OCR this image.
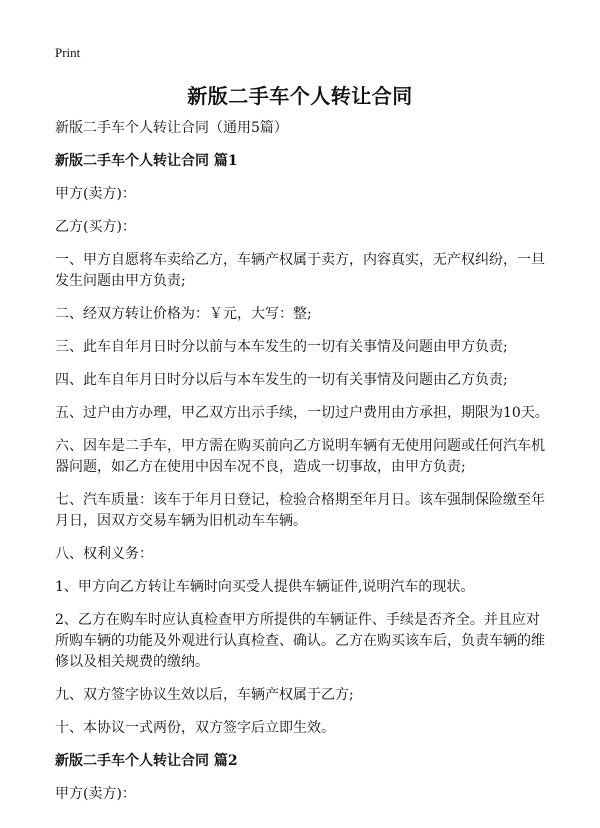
Print
新版二手车个人转让合同
新版二手车个人转让合同（通用5篇）
新版二手车个人转让合同 篇1
甲方(卖方)：
乙方(买方)：
一、甲方自愿将车卖给乙方，车辆产权属于卖方，内容真实，无产权纠纷，一旦发生问题由甲方负责;
二、经双方转让价格为：￥元，大写：整;
三、此车自年月日时分以前与本车发生的一切有关事情及问题由甲方负责;
四、此车自年月日时分以后与本车发生的一切有关事情及问题由乙方负责;
五、过户由方办理，甲乙双方出示手续，一切过户费用由方承担，期限为10天。
六、因车是二手车，甲方需在购买前向乙方说明车辆有无使用问题或任何汽车机器问题，如乙方在使用中因车况不良，造成一切事故，由甲方负责;
七、汽车质量：该车于年月日登记，检验合格期至年月日。该车强制保险缴至年月日，因双方交易车辆为旧机动车车辆。
八、权利义务：
1、甲方向乙方转让车辆时向买受人提供车辆证件,说明汽车的现状。
2、乙方在购车时应认真检查甲方所提供的车辆证件、手续是否齐全。并且应对所购车辆的功能及外观进行认真检查、确认。乙方在购买该车后，负责车辆的维修以及相关规费的缴纳。
九、双方签字协议生效以后，车辆产权属于乙方;
十、本协议一式两份，双方签字后立即生效。
新版二手车个人转让合同 篇2
甲方(卖方)：
